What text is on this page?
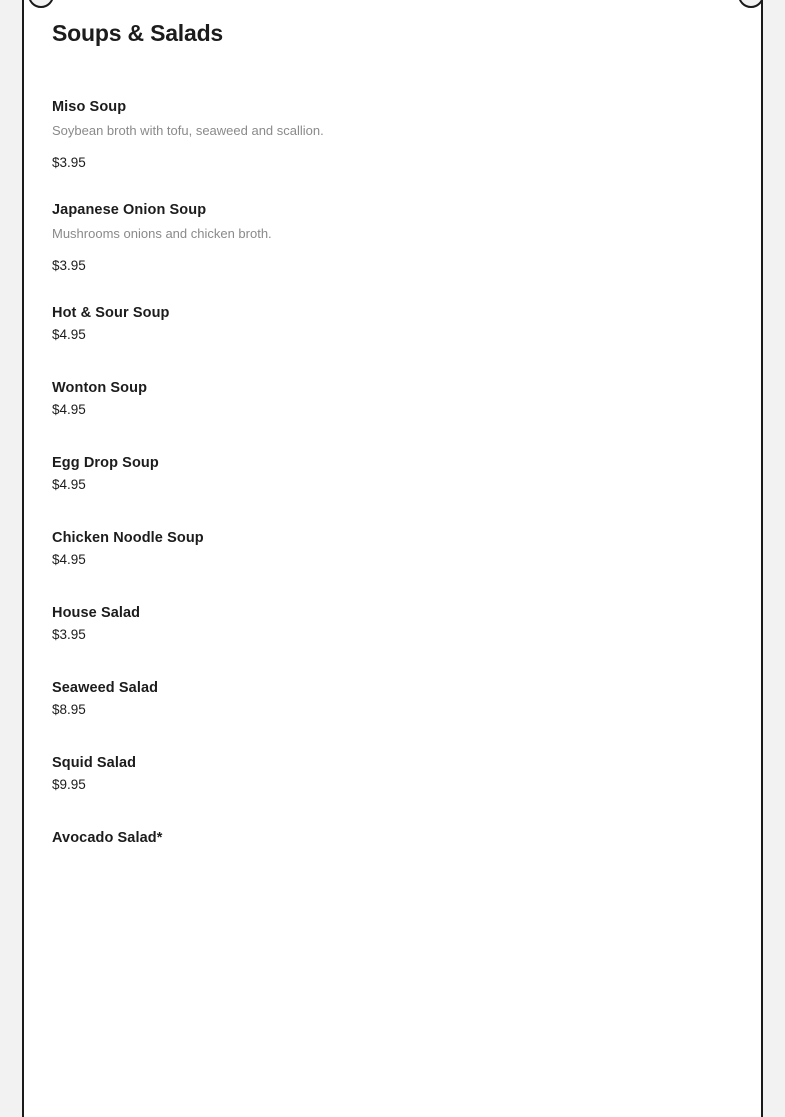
Soups & Salads
Miso Soup
Soybean broth with tofu, seaweed and scallion.
$3.95
Japanese Onion Soup
Mushrooms onions and chicken broth.
$3.95
Hot & Sour Soup
$4.95
Wonton Soup
$4.95
Egg Drop Soup
$4.95
Chicken Noodle Soup
$4.95
House Salad
$3.95
Seaweed Salad
$8.95
Squid Salad
$9.95
Avocado Salad*
